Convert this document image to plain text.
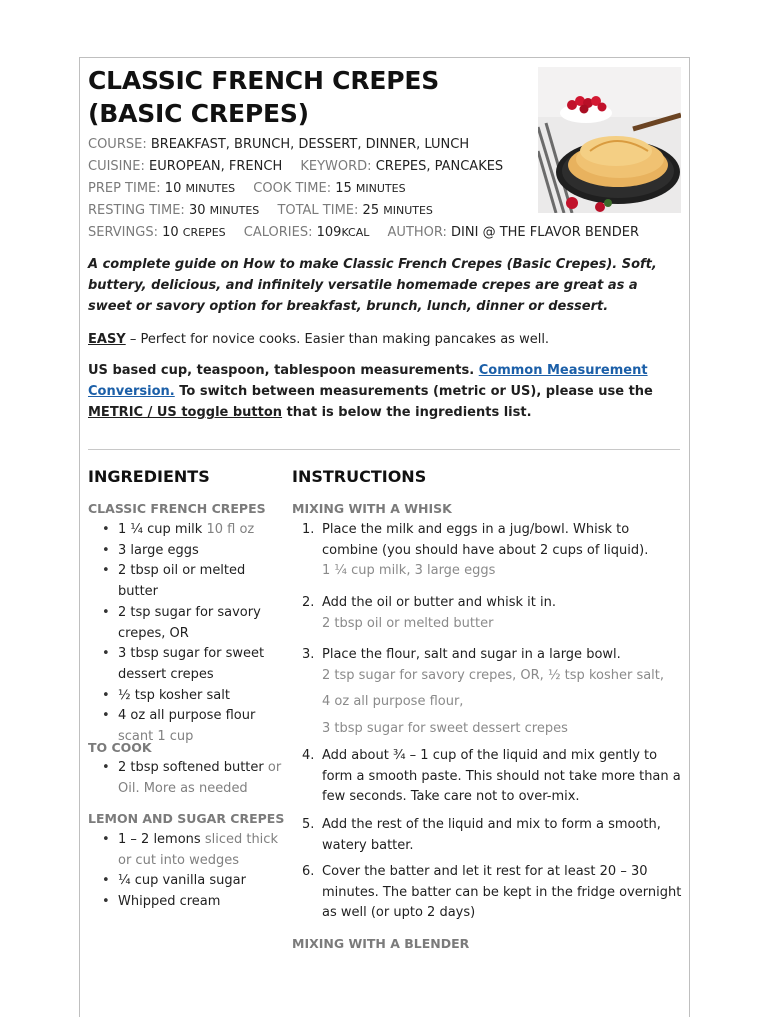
CLASSIC FRENCH CREPES (BASIC CREPES)
COURSE: BREAKFAST, BRUNCH, DESSERT, DINNER, LUNCH
CUISINE: EUROPEAN, FRENCH KEYWORD: CREPES, PANCAKES
PREP TIME: 10 MINUTES COOK TIME: 15 MINUTES
RESTING TIME: 30 MINUTES TOTAL TIME: 25 MINUTES
SERVINGS: 10 CREPES CALORIES: 109KCAL AUTHOR: DINI @ THE FLAVOR BENDER

A complete guide on How to make Classic French Crepes (Basic Crepes). Soft, buttery, delicious, and infinitely versatile homemade crepes are great as a sweet or savory option for breakfast, brunch, lunch, dinner or dessert.

EASY – Perfect for novice cooks. Easier than making pancakes as well.

US based cup, teaspoon, tablespoon measurements. Common Measurement Conversion. To switch between measurements (metric or US), please use the METRIC / US toggle button that is below the ingredients list.

INGREDIENTS	INSTRUCTIONS
CLASSIC FRENCH CREPES
• 1 ¼ cup milk 10 fl oz
• 3 large eggs
• 2 tbsp oil or melted butter
• 2 tsp sugar for savory crepes, OR
• 3 tbsp sugar for sweet dessert crepes
• ½ tsp kosher salt
• 4 oz all purpose flour scant 1 cup
TO COOK
• 2 tbsp softened butter or Oil. More as needed
LEMON AND SUGAR CREPES
• 1 – 2 lemons sliced thick or cut into wedges
• ¼ cup vanilla sugar
• Whipped cream
MIXING WITH A WHISK
1. Place the milk and eggs in a jug/bowl. Whisk to combine (you should have about 2 cups of liquid).
1 ¼ cup milk, 3 large eggs
2. Add the oil or butter and whisk it in.
2 tbsp oil or melted butter
3. Place the flour, salt and sugar in a large bowl.
2 tsp sugar for savory crepes, OR, ½ tsp kosher salt,
4 oz all purpose flour,
3 tbsp sugar for sweet dessert crepes
4. Add about ¾ – 1 cup of the liquid and mix gently to form a smooth paste. This should not take more than a few seconds. Take care not to over-mix.
5. Add the rest of the liquid and mix to form a smooth, watery batter.
6. Cover the batter and let it rest for at least 20 – 30 minutes. The batter can be kept in the fridge overnight as well (or upto 2 days)
MIXING WITH A BLENDER
